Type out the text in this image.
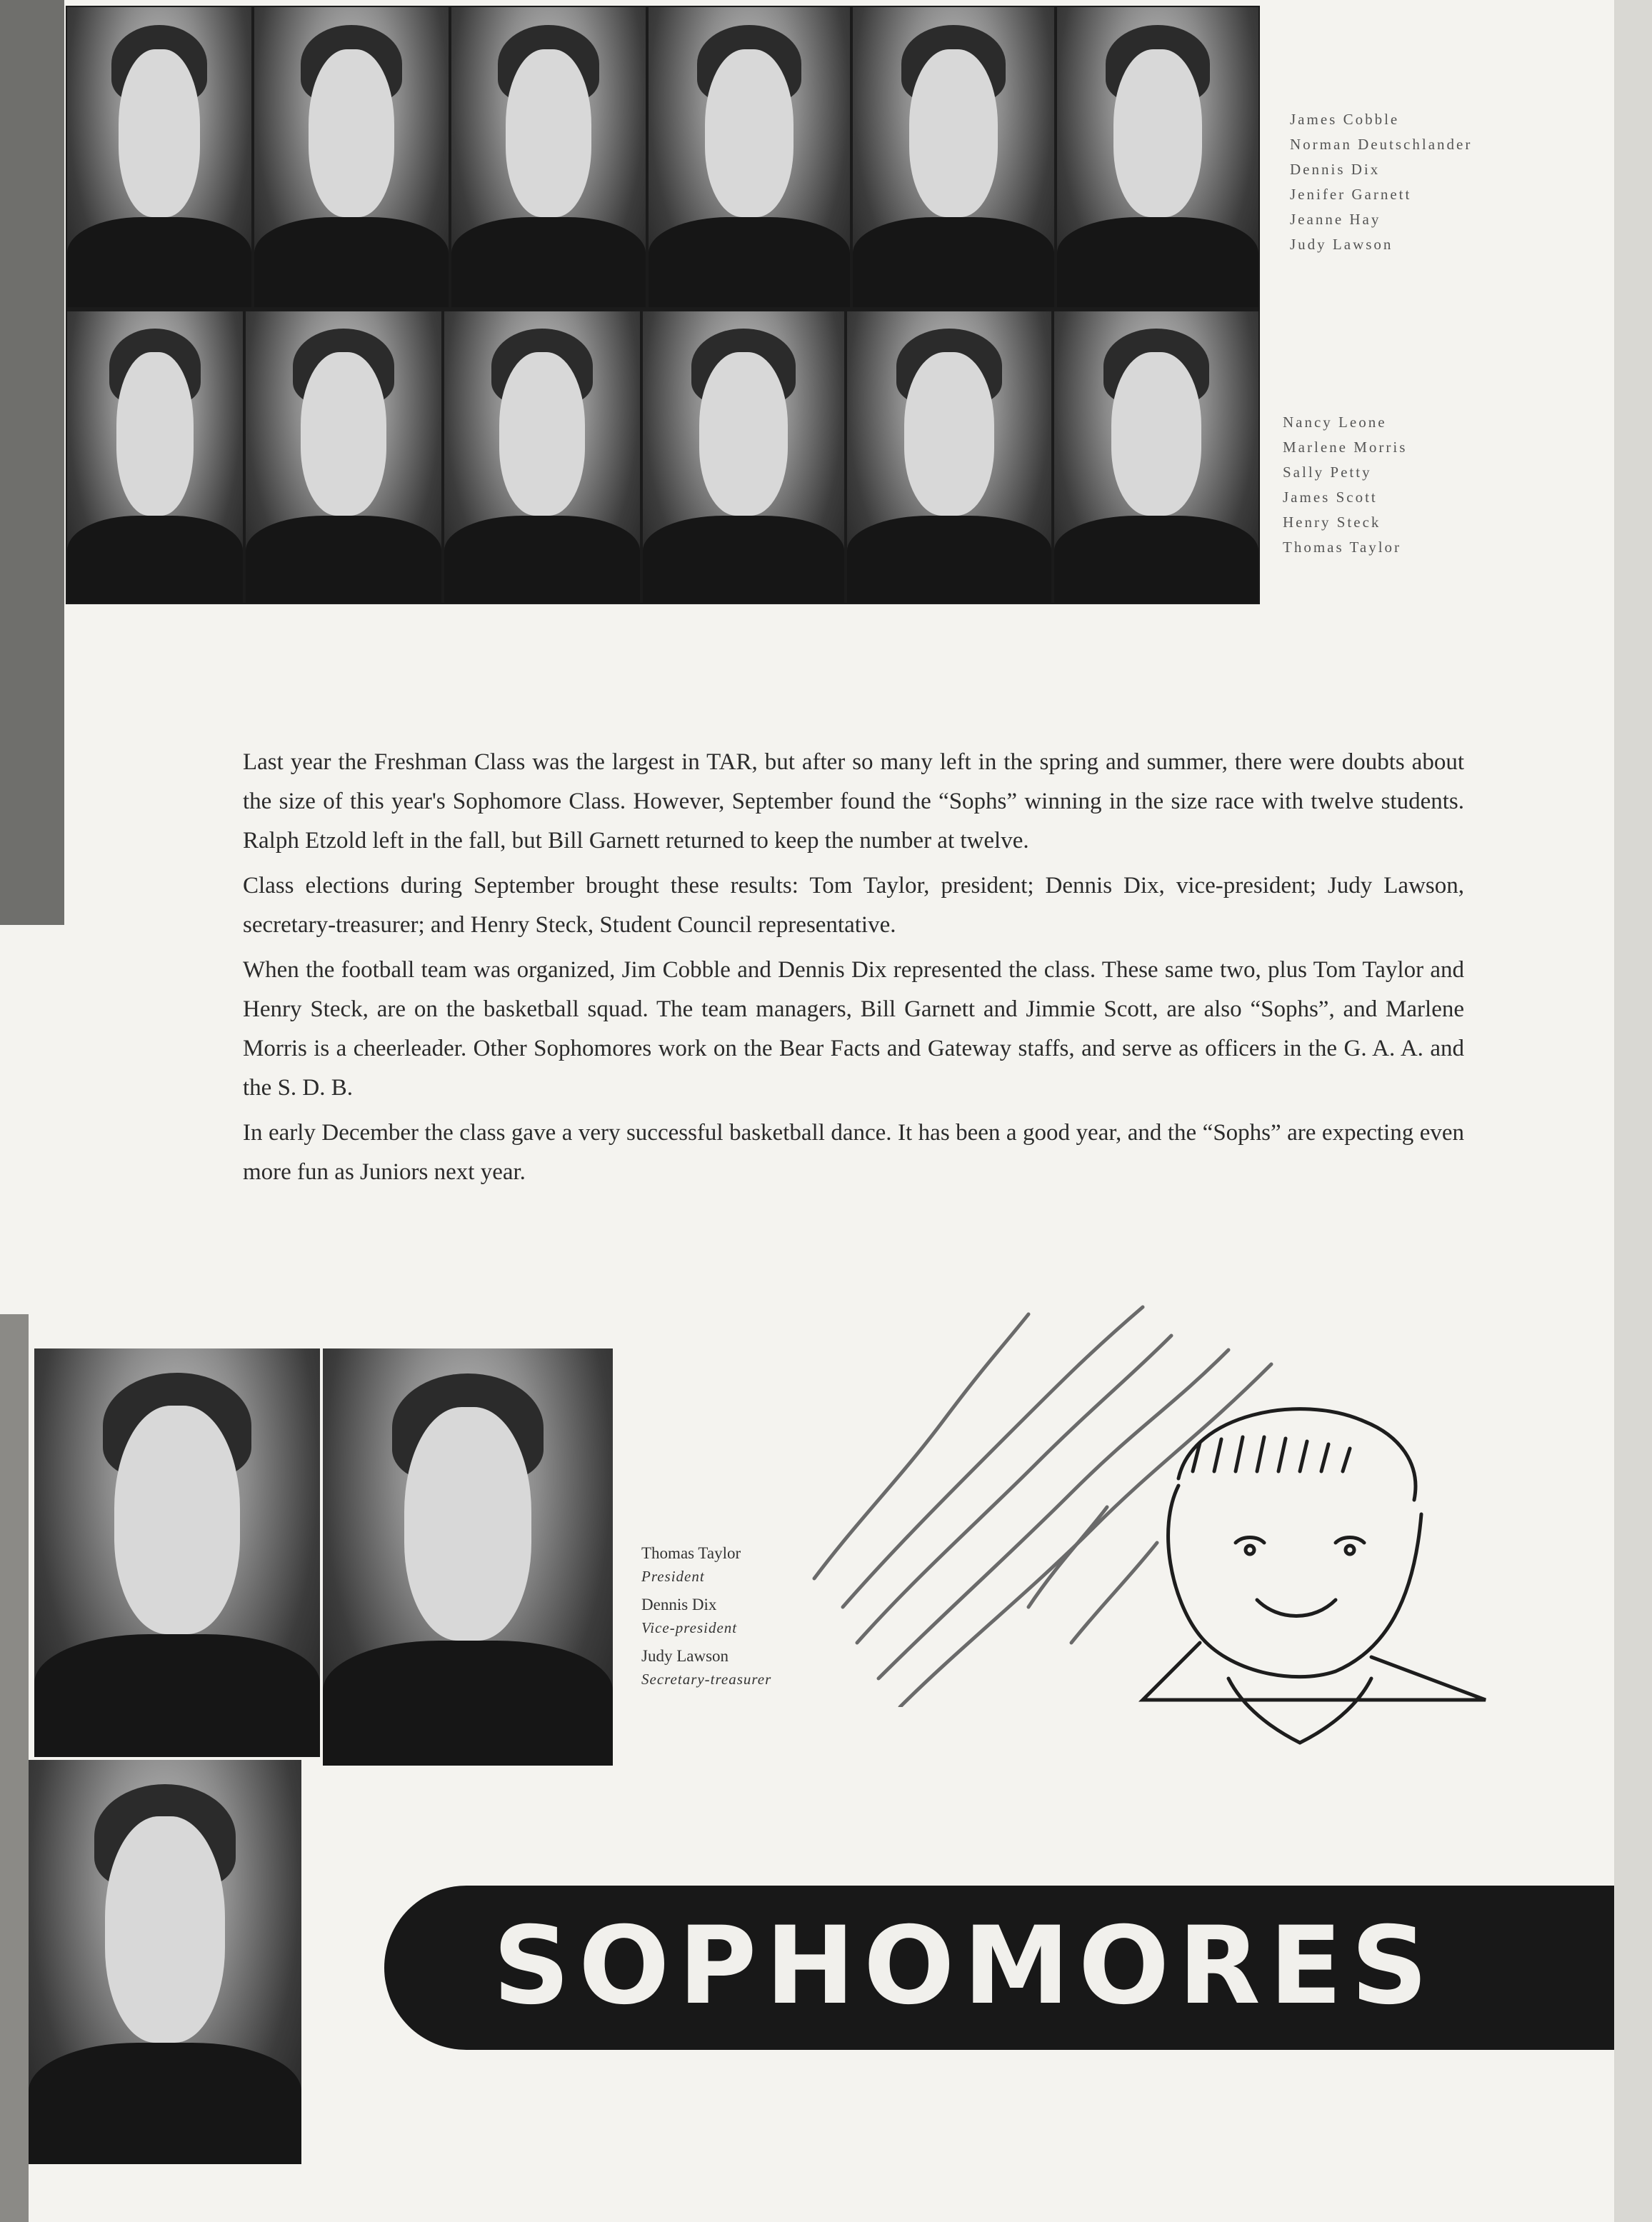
James Cobble
Norman Deutschlander
Dennis Dix
Jenifer Garnett
Jeanne Hay
Judy Lawson
Nancy Leone
Marlene Morris
Sally Petty
James Scott
Henry Steck
Thomas Taylor

Last year the Freshman Class was the largest in TAR, but after so many left in the spring and summer, there were doubts about the size of this year's Sophomore Class. However, September found the “Sophs” winning in the size race with twelve students. Ralph Etzold left in the fall, but Bill Garnett returned to keep the number at twelve.

Class elections during September brought these results: Tom Taylor, president; Dennis Dix, vice-president; Judy Lawson, secretary-treasurer; and Henry Steck, Student Council representative.

When the football team was organized, Jim Cobble and Dennis Dix represented the class. These same two, plus Tom Taylor and Henry Steck, are on the basketball squad. The team managers, Bill Garnett and Jimmie Scott, are also “Sophs”, and Marlene Morris is a cheerleader. Other Sophomores work on the Bear Facts and Gateway staffs, and serve as officers in the G. A. A. and the S. D. B.

In early December the class gave a very successful basketball dance. It has been a good year, and the “Sophs” are expecting even more fun as Juniors next year.

Thomas Taylor
President
Dennis Dix
Vice-president
Judy Lawson
Secretary-treasurer
SOPHOMORES
